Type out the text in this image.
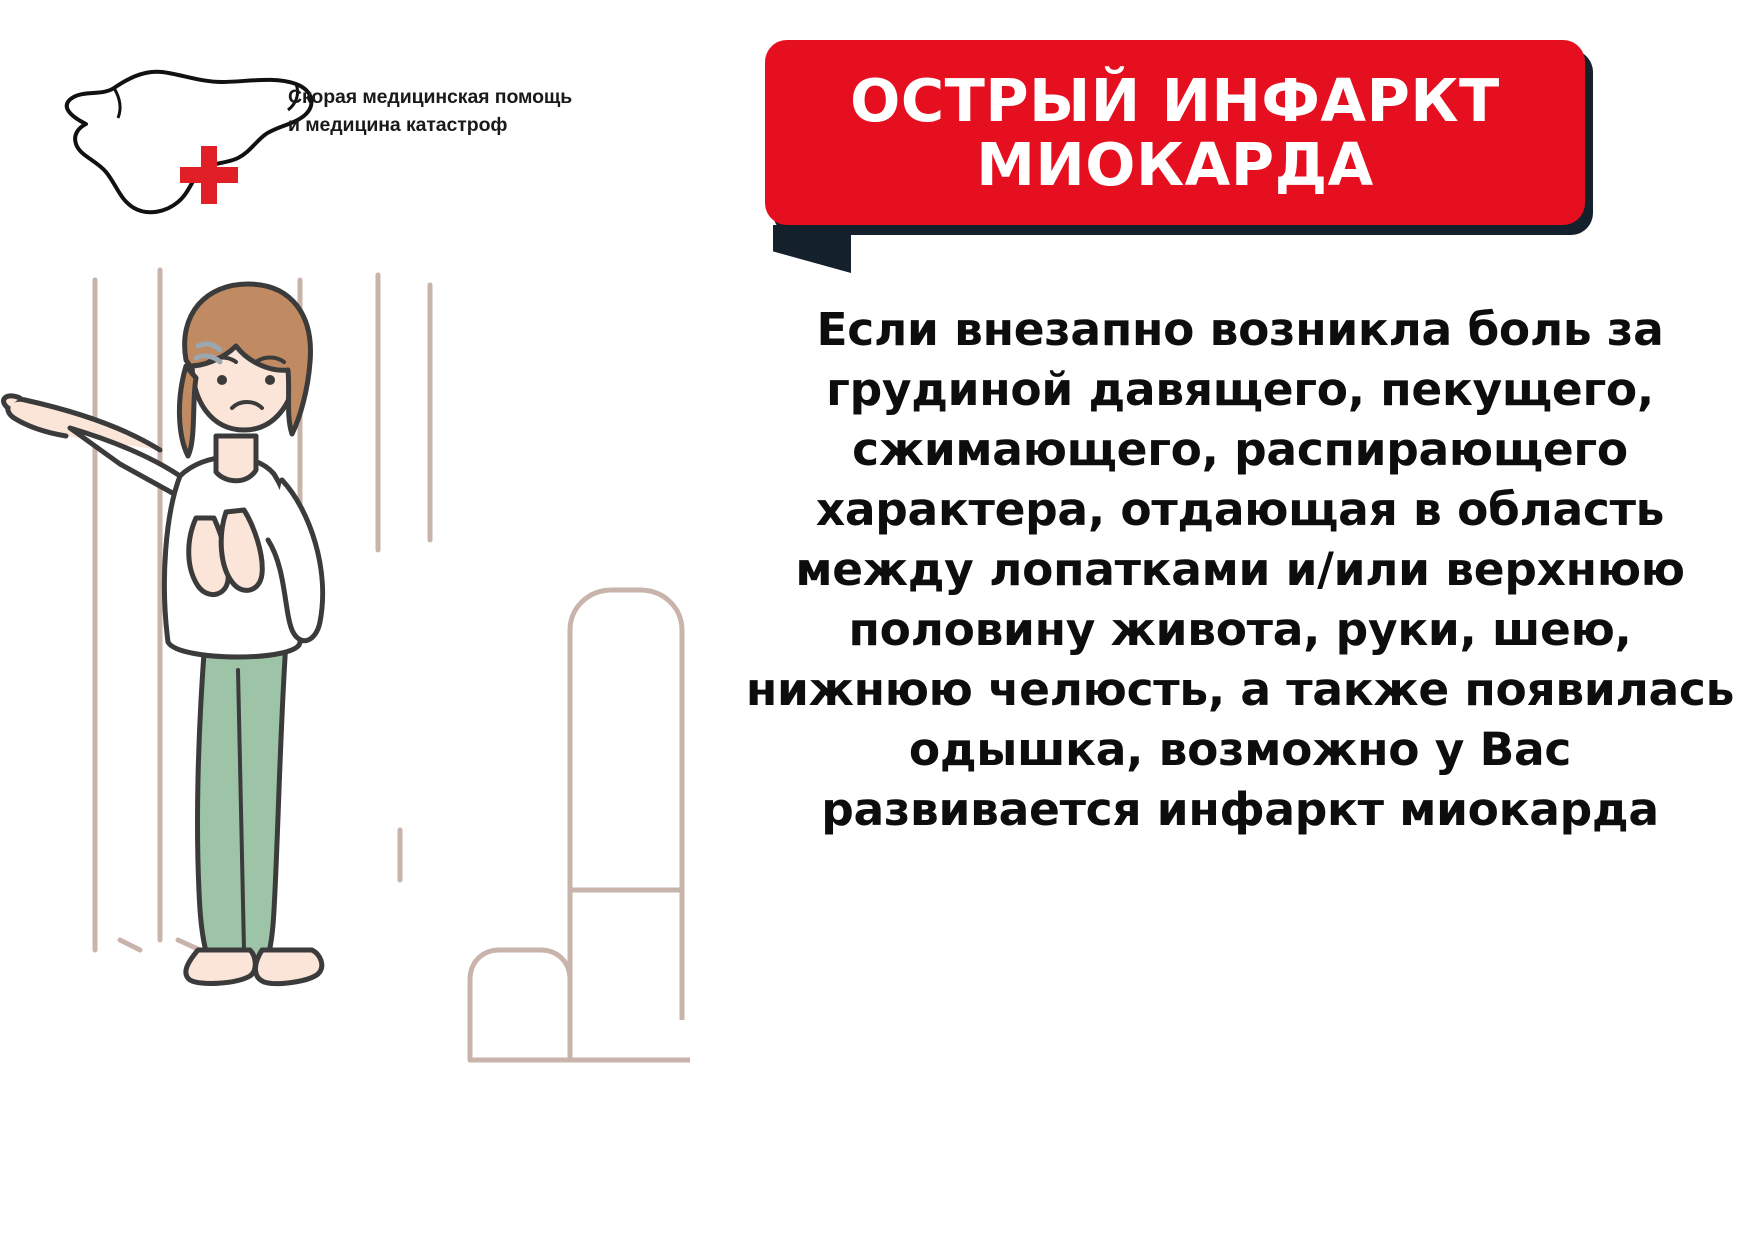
Скорая медицинская помощь
и медицина катастроф	ОСТРЫЙ ИНФАРКТ МИОКАРДА
Если внезапно возникла боль за грудиной давящего, пекущего, сжимающего, распирающего характера, отдающая в область между лопатками и/или верхнюю половину живота, руки, шею, нижнюю челюсть, а также появилась одышка, возможно у Вас развивается инфаркт миокарда
